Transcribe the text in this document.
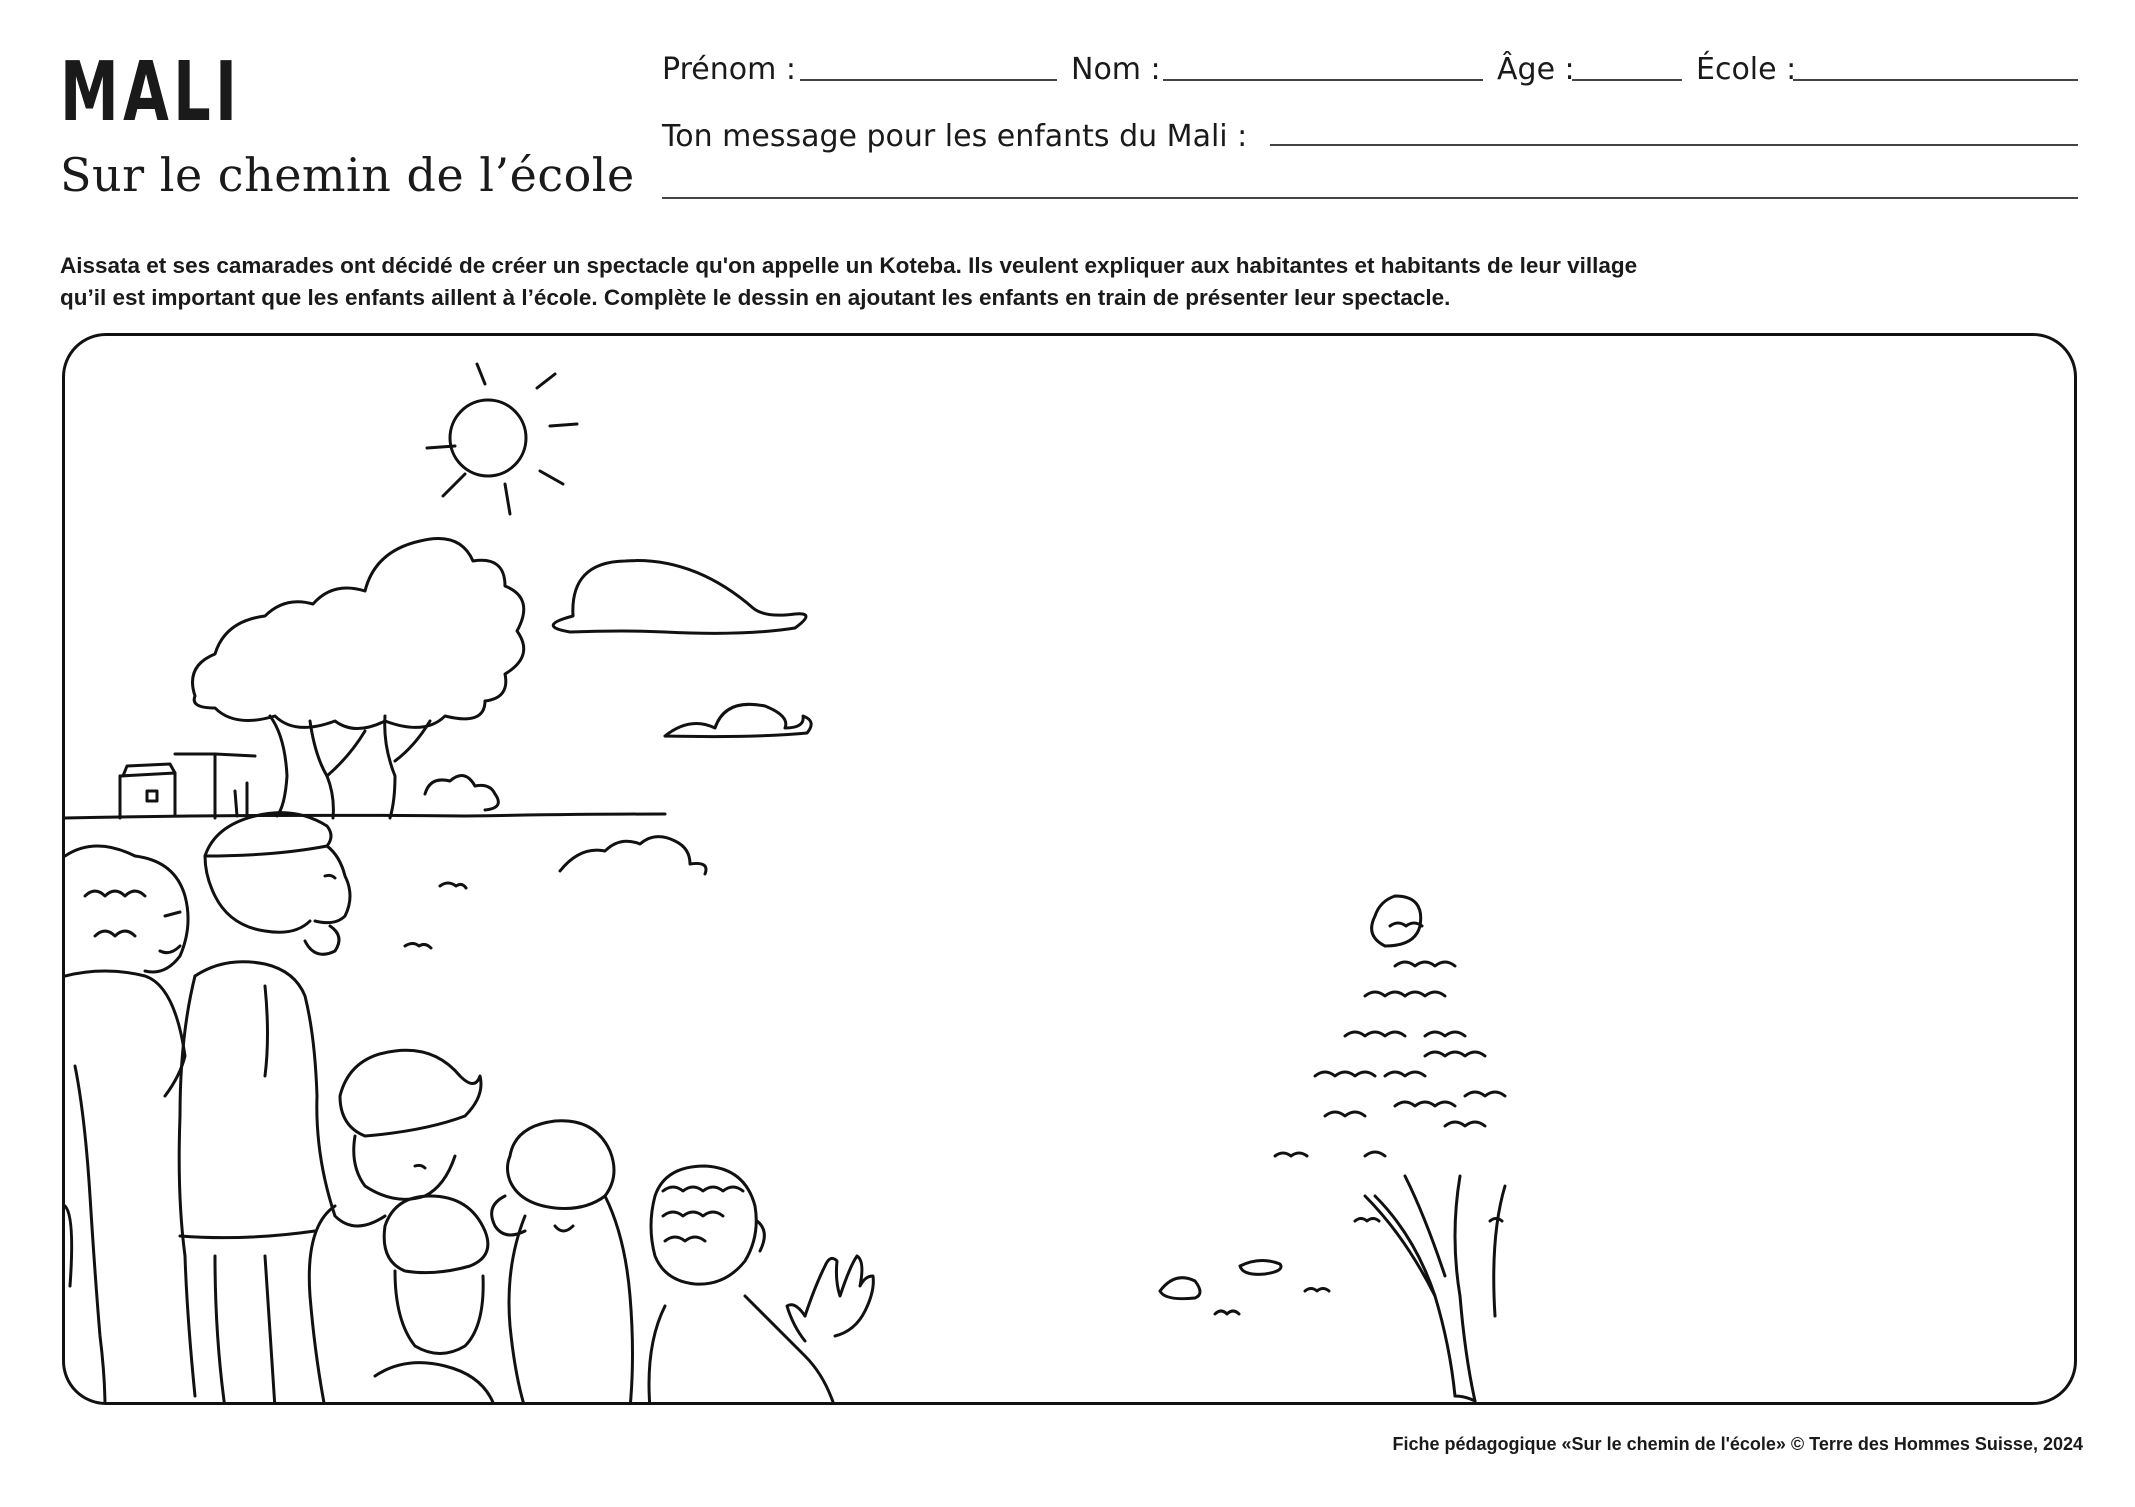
MALI
Sur le chemin de l’école
Prénom :	Nom :	Âge :	École :
Ton message pour les enfants du Mali :

Aissata et ses camarades ont décidé de créer un spectacle qu'on appelle un Koteba. Ils veulent expliquer aux habitantes et habitants de leur village

qu’il est important que les enfants aillent à l’école. Complète le dessin en ajoutant les enfants en train de présenter leur spectacle.

Fiche pédagogique «Sur le chemin de l'école» © Terre des Hommes Suisse, 2024
